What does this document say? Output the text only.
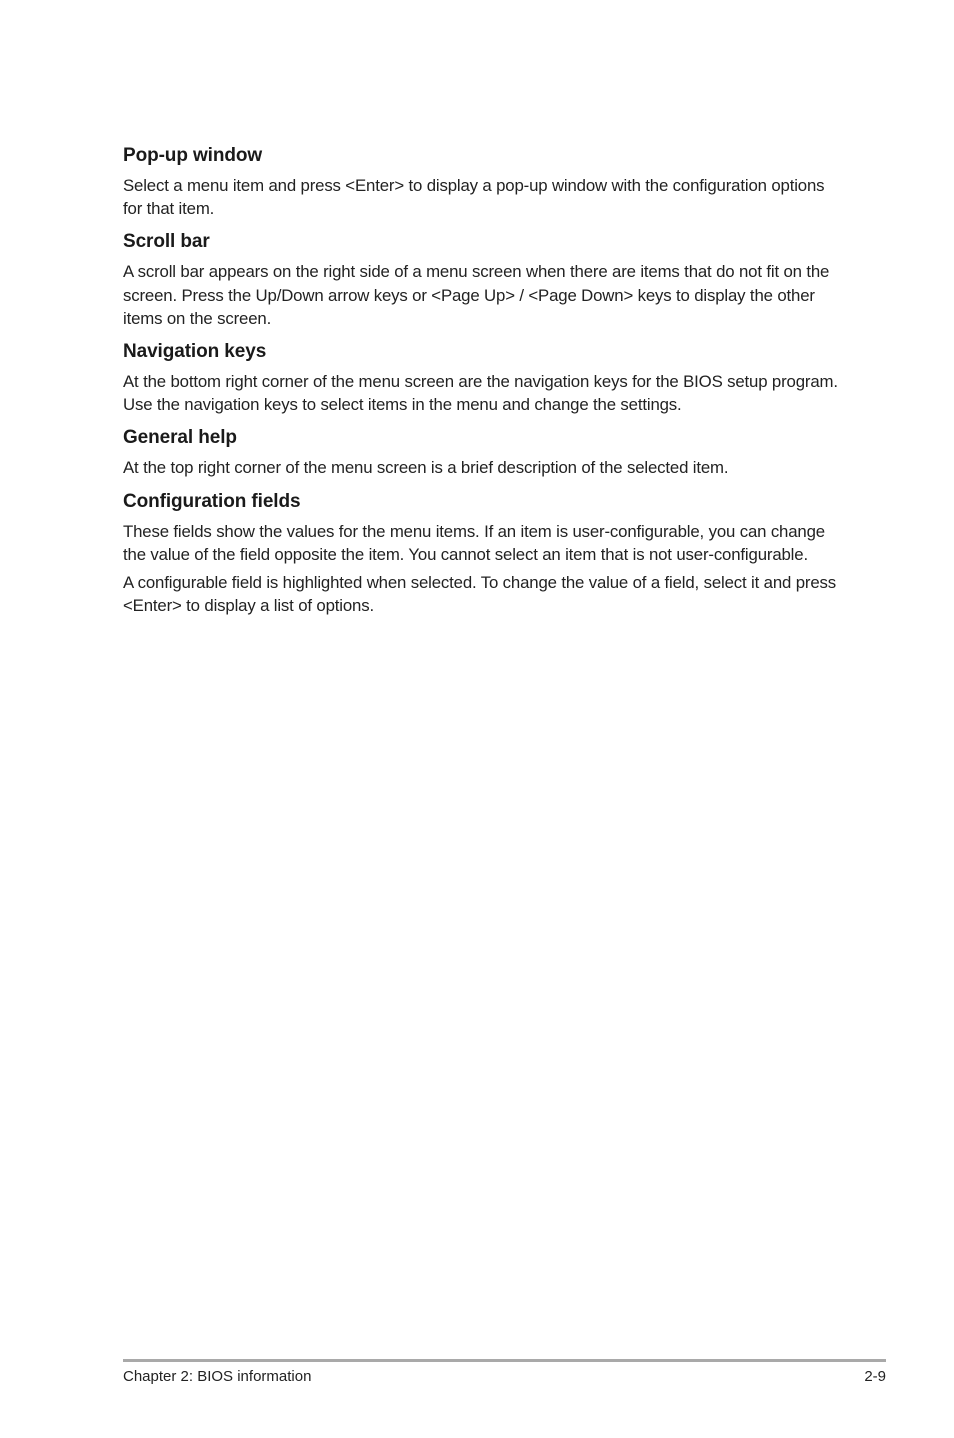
Pop-up window

Select a menu item and press <Enter> to display a pop-up window with the configuration options for that item.

Scroll bar

A scroll bar appears on the right side of a menu screen when there are items that do not fit on the screen. Press the Up/Down arrow keys or <Page Up> / <Page Down> keys to display the other items on the screen.

Navigation keys

At the bottom right corner of the menu screen are the navigation keys for the BIOS setup program. Use the navigation keys to select items in the menu and change the settings.

General help

At the top right corner of the menu screen is a brief description of the selected item.

Configuration fields

These fields show the values for the menu items. If an item is user-configurable, you can change the value of the field opposite the item. You cannot select an item that is not user-configurable.

A configurable field is highlighted when selected. To change the value of a field, select it and press <Enter> to display a list of options.

Chapter 2: BIOS information	2-9
